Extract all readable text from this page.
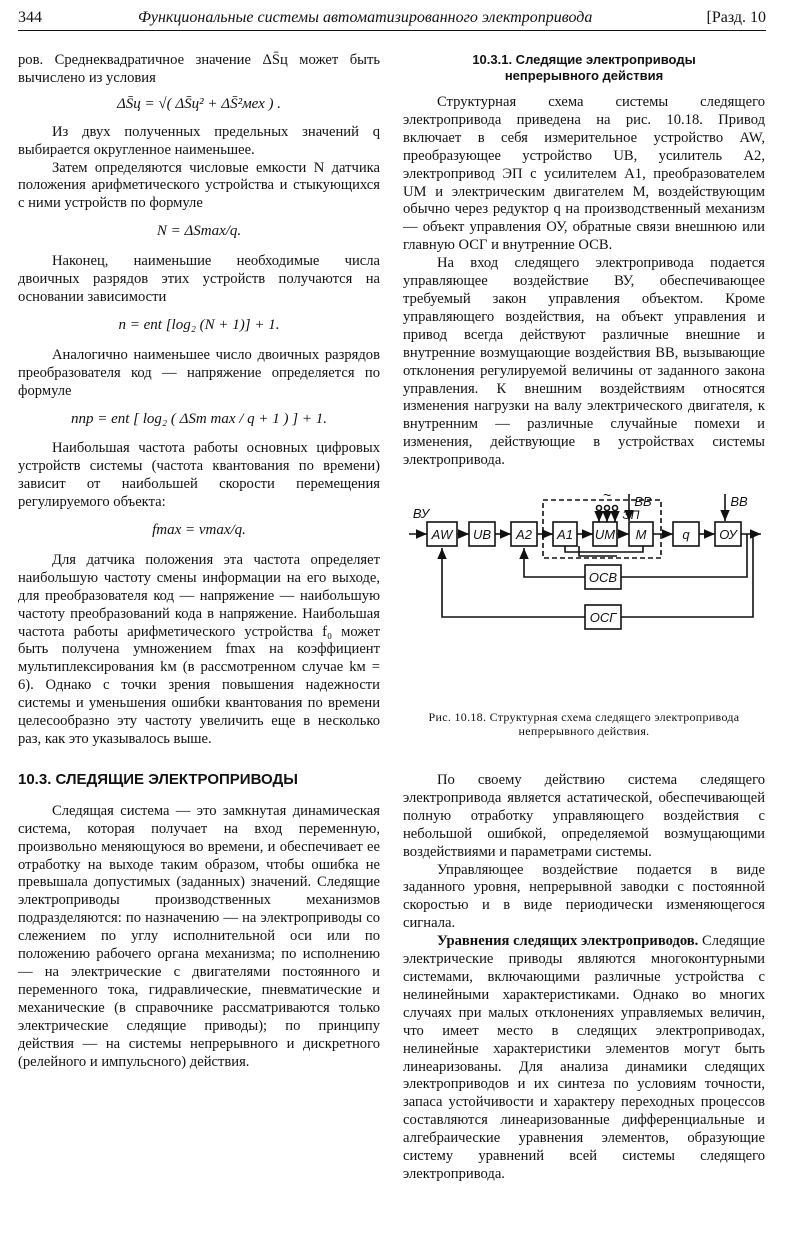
344	Функциональные системы автоматизированного электропривода	[Разд. 10

ров. Среднеквадратичное значение ΔS̄ц может быть вычислено из условия

ΔS̄ц = √( ΔS̄ц² + ΔS̄²мех ) .

Из двух полученных предельных значений q выбирается округленное наименьшее.

Затем определяются числовые емкости N датчика положения арифметического устройства и стыкующихся с ними устройств по формуле

N = ΔSmax/q.

Наконец, наименьшие необходимые числа двоичных разрядов этих устройств получаются на основании зависимости

n = ent [log₂ (N + 1)] + 1.

Аналогично наименьшее число двоичных разрядов преобразователя код — напряжение определяется по формуле

nпр = ent [ log₂ ( ΔSт max / q + 1 ) ] + 1.

Наибольшая частота работы основных цифровых устройств системы (частота квантования по времени) зависит от наибольшей скорости перемещения регулируемого объекта:

fmax = vmax/q.

Для датчика положения эта частота определяет наибольшую частоту смены информации на его выходе, для преобразователя код — напряжение — наибольшую частоту преобразований кода в напряжение. Наибольшая частота работы арифметического устройства f₀ может быть получена умножением fmax на коэффициент мультиплексирования kм (в рассмотренном случае kм = 6). Однако с точки зрения повышения надежности системы и уменьшения ошибки квантования по времени целесообразно эту частоту увеличить еще в несколько раз, как это указывалось выше.

10.3. СЛЕДЯЩИЕ ЭЛЕКТРОПРИВОДЫ

Следящая система — это замкнутая динамическая система, которая получает на вход переменную, произвольно меняющуюся во времени, и обеспечивает ее отработку на выходе таким образом, чтобы ошибка не превышала допустимых (заданных) значений. Следящие электроприводы производственных механизмов подразделяются: по назначению — на электроприводы со слежением по углу исполнительной оси или по положению рабочего органа механизма; по исполнению — на электрические с двигателями постоянного и переменного тока, гидравлические, пневматические и механические (в справочнике рассматриваются только электрические следящие приводы); по принципу действия — на системы непрерывного и дискретного (релейного и импульсного) действия.

10.3.1. Следящие электроприводы
непрерывного действия

Структурная схема системы следящего электропривода приведена на рис. 10.18. Привод включает в себя измерительное устройство AW, преобразующее устройство UB, усилитель A2, электропривод ЭП с усилителем A1, преобразователем UM и электрическим двигателем M, воздействующим обычно через редуктор q на производственный механизм — объект управления ОУ, обратные связи внешнюю или главную ОСГ и внутренние ОСВ.

На вход следящего электропривода подается управляющее воздействие ВУ, обеспечивающее требуемый закон управления объектом. Кроме управляющего воздействия, на объект управления и привод всегда действуют различные внешние и внутренние возмущающие воздействия ВВ, вызывающие отклонения регулируемой величины от заданного закона управления. К внешним воздействиям относятся изменения нагрузки на валу электрического двигателя, к внутренним — различные случайные помехи и изменения, действующие в устройствах системы электропривода.

ВУ
ВВ	ВВ
ЭП
~
AW UB A2 A1 UM M	q ОУ
ОСВ
ОСГ
Рис. 10.18. Структурная схема следящего электропривода непрерывного действия.

По своему действию система следящего электропривода является астатической, обеспечивающей полную отработку управляющего воздействия с небольшой ошибкой, определяемой возмущающими воздействиями и параметрами системы.

Управляющее воздействие подается в виде заданного уровня, непрерывной заводки с постоянной скоростью и в виде периодически изменяющегося сигнала.

Уравнения следящих электроприводов. Следящие электрические приводы являются многоконтурными системами, включающими различные устройства с нелинейными характеристиками. Однако во многих случаях при малых отклонениях управляемых величин, что имеет место в следящих электроприводах, нелинейные характеристики элементов могут быть линеаризованы. Для анализа динамики следящих электроприводов и их синтеза по условиям точности, запаса устойчивости и характеру переходных процессов составляются линеаризованные дифференциальные и алгебраические уравнения элементов, образующие систему уравнений всей системы следящего электропривода.
